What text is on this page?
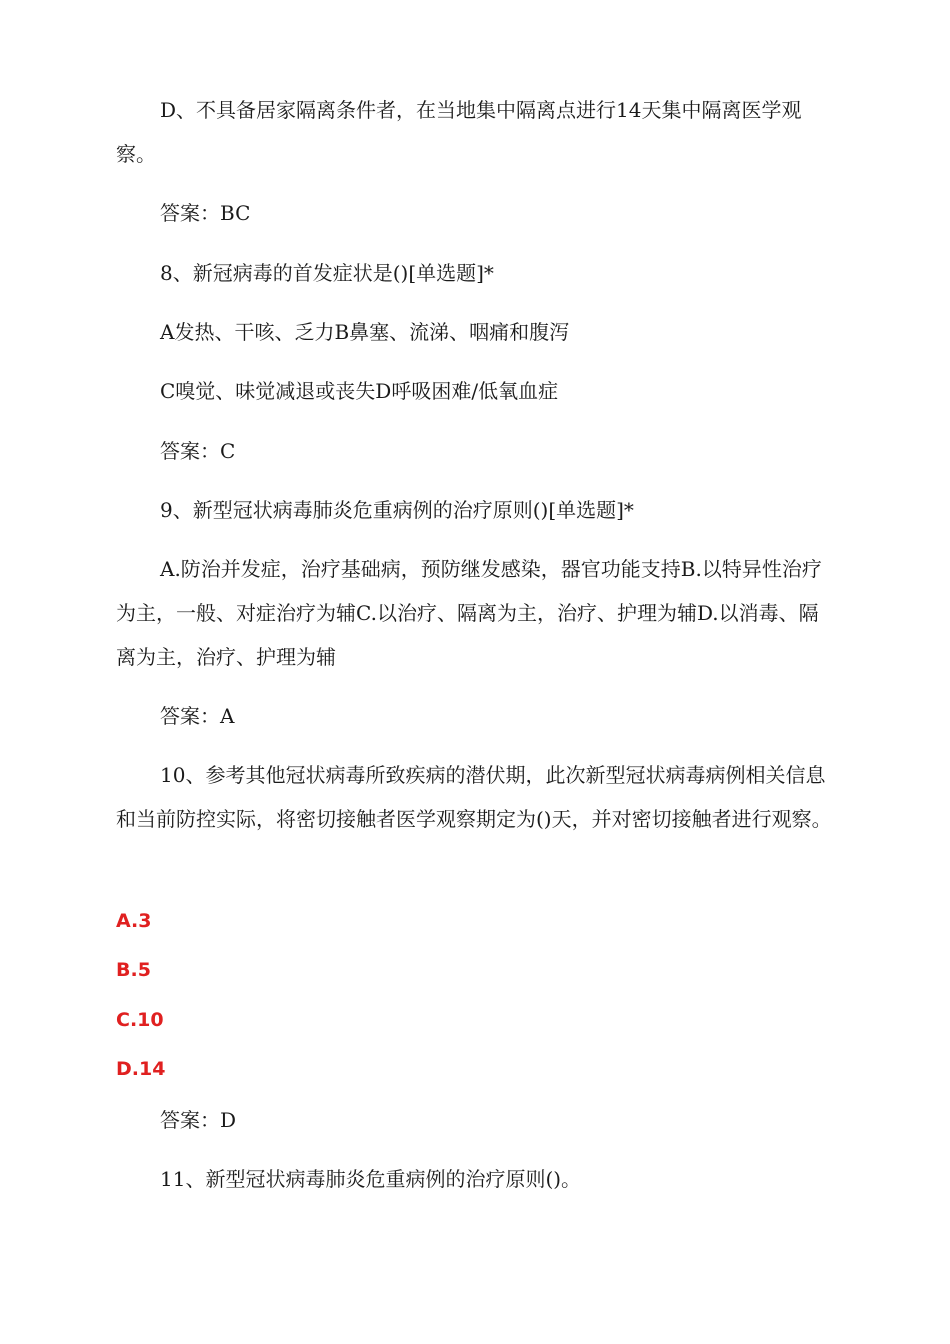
D、不具备居家隔离条件者，在当地集中隔离点进行14天集中隔离医学观察。

答案：BC

8、新冠病毒的首发症状是()[单选题]*

A发热、干咳、乏力B鼻塞、流涕、咽痛和腹泻

C嗅觉、味觉减退或丧失D呼吸困难/低氧血症

答案：C

9、新型冠状病毒肺炎危重病例的治疗原则()[单选题]*

A.防治并发症，治疗基础病，预防继发感染，器官功能支持B.以特异性治疗为主，一般、对症治疗为辅C.以治疗、隔离为主，治疗、护理为辅D.以消毒、隔离为主，治疗、护理为辅

答案：A

10、参考其他冠状病毒所致疾病的潜伏期，此次新型冠状病毒病例相关信息和当前防控实际，将密切接触者医学观察期定为()天，并对密切接触者进行观察。

A.3

B.5

C.10

D.14

答案：D

11、新型冠状病毒肺炎危重病例的治疗原则()。
